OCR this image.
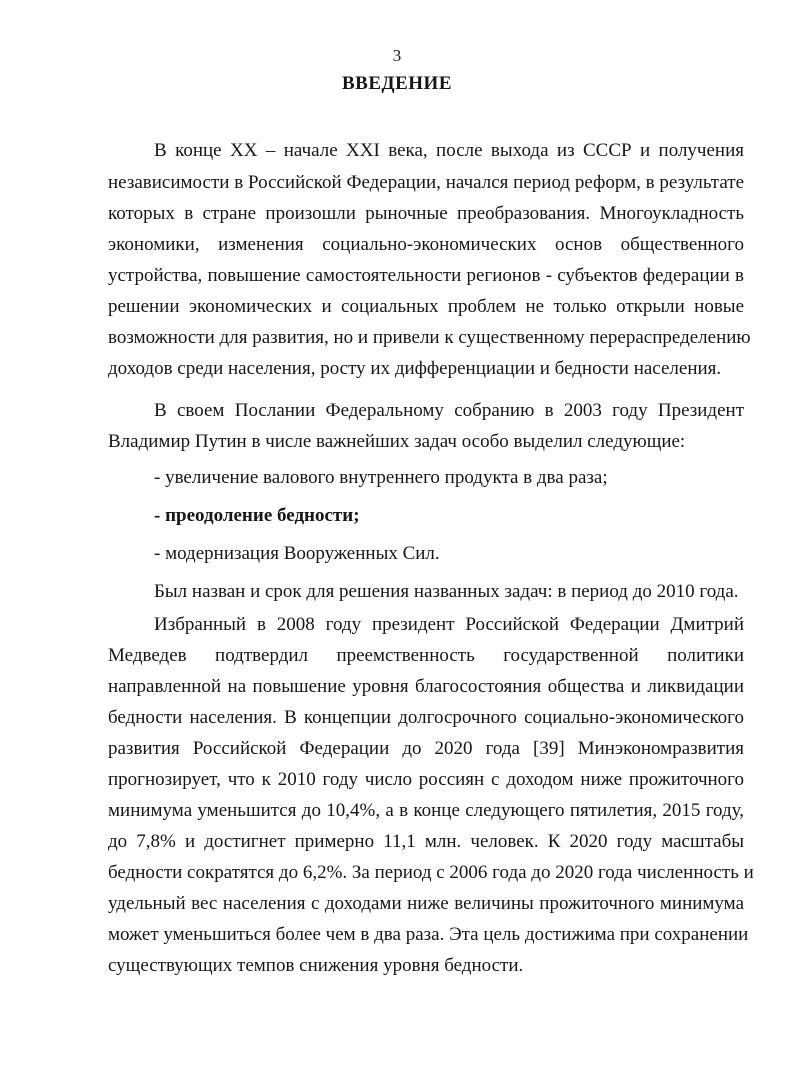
3
ВВЕДЕНИЕ
В конце XX – начале XXI века, после выхода из СССР и получения
независимости в Российской Федерации, начался период реформ, в результате
которых в стране произошли рыночные преобразования. Многоукладность
экономики, изменения социально-экономических основ общественного
устройства, повышение самостоятельности регионов - субъектов федерации в
решении экономических и социальных проблем не только открыли новые
возможности для развития, но и привели к существенному перераспределению
доходов среди населения, росту их дифференциации и бедности населения.
В своем Послании Федеральному собранию в 2003 году Президент
Владимир Путин в числе важнейших задач особо выделил следующие:
- увеличение валового внутреннего продукта в два раза;
- преодоление бедности;
- модернизация Вооруженных Сил.
Был назван и срок для решения названных задач: в период до 2010 года.
Избранный в 2008 году президент Российской Федерации Дмитрий
Медведев подтвердил преемственность государственной политики
направленной на повышение уровня благосостояния общества и ликвидации
бедности населения. В концепции долгосрочного социально-экономического
развития Российской Федерации до 2020 года [39] Минэкономразвития
прогнозирует, что к 2010 году число россиян с доходом ниже прожиточного
минимума уменьшится до 10,4%, а в конце следующего пятилетия, 2015 году,
до 7,8% и достигнет примерно 11,1 млн. человек. К 2020 году масштабы
бедности сократятся до 6,2%. За период с 2006 года до 2020 года численность и
удельный вес населения с доходами ниже величины прожиточного минимума
может уменьшиться более чем в два раза. Эта цель достижима при сохранении
существующих темпов снижения уровня бедности.
